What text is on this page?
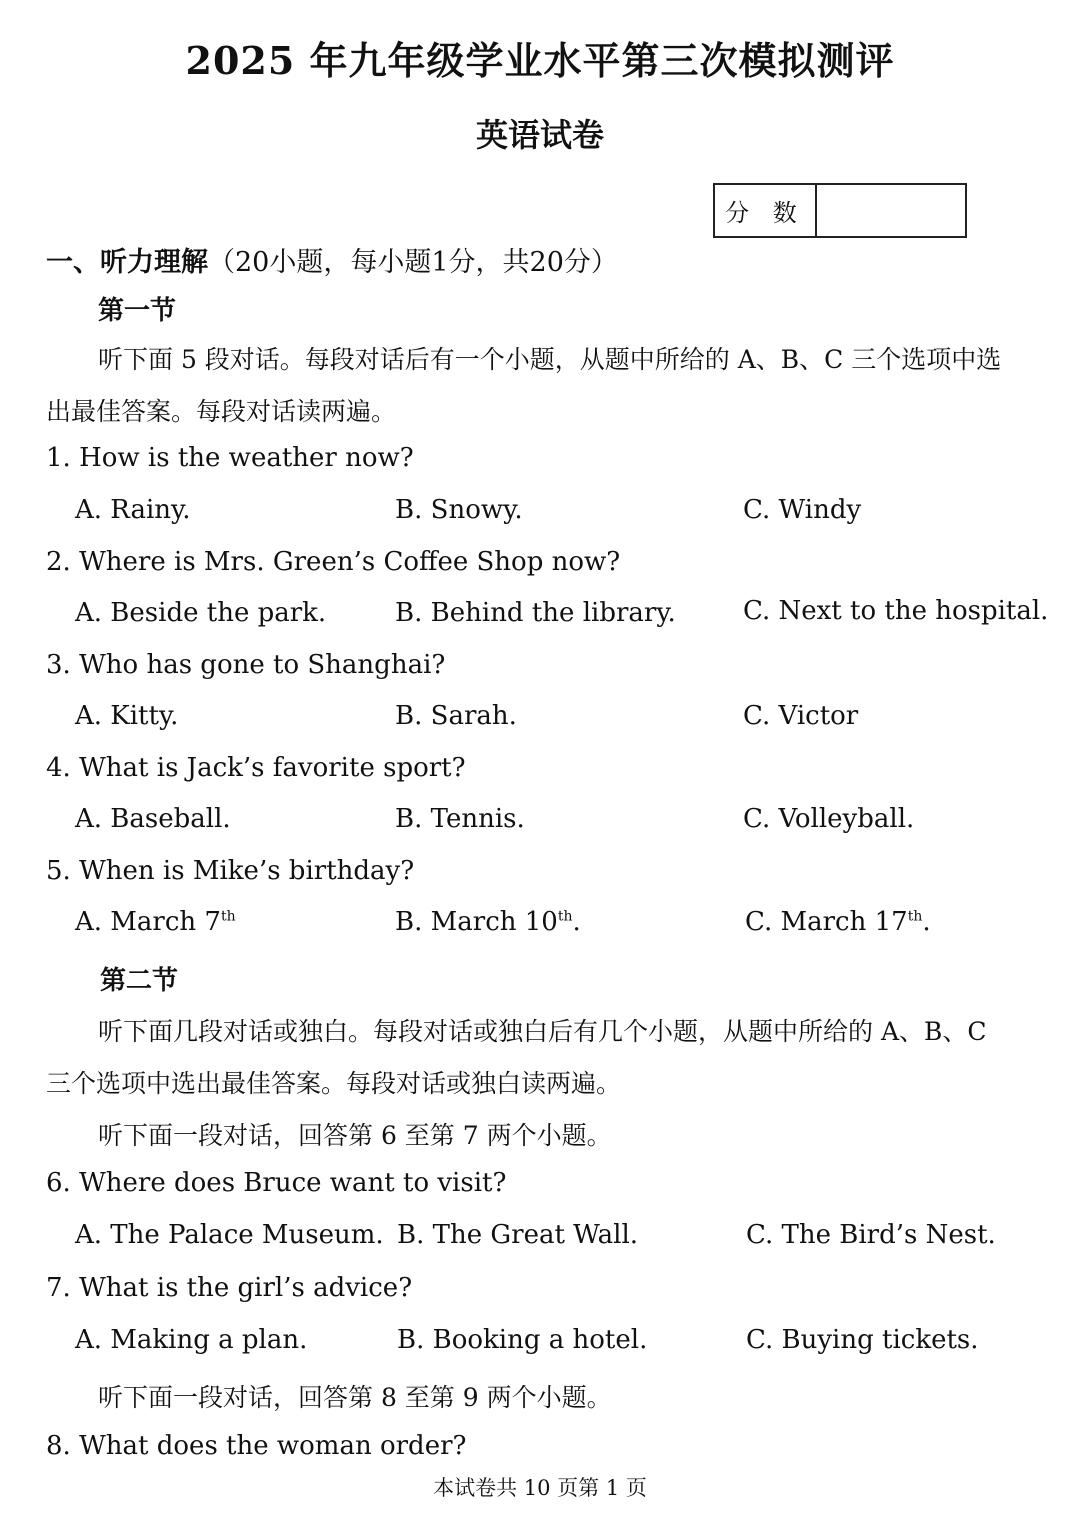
2025 年九年级学业水平第三次模拟测评
英语试卷
分 数
一、听力理解（20小题，每小题1分，共20分）
第一节
听下面 5 段对话。每段对话后有一个小题，从题中所给的 A、B、C 三个选项中选
出最佳答案。每段对话读两遍。
1. How is the weather now?
A. Rainy.	B. Snowy.	C. Windy
2. Where is Mrs. Green’s Coffee Shop now?
A. Beside the park.	B. Behind the library.	C. Next to the hospital.
3. Who has gone to Shanghai?
A. Kitty.	B. Sarah.	C. Victor
4. What is Jack’s favorite sport?
A. Baseball.	B. Tennis.	C. Volleyball.
5. When is Mike’s birthday?
A. March 7th	B. March 10th.	C. March 17th.
第二节
听下面几段对话或独白。每段对话或独白后有几个小题，从题中所给的 A、B、C
三个选项中选出最佳答案。每段对话或独白读两遍。
听下面一段对话，回答第 6 至第 7 两个小题。
6. Where does Bruce want to visit?
A. The Palace Museum. B. The Great Wall.	C. The Bird’s Nest.
7. What is the girl’s advice?
A. Making a plan.	B. Booking a hotel.	C. Buying tickets.
听下面一段对话，回答第 8 至第 9 两个小题。
8. What does the woman order?
本试卷共 10 页第 1 页
